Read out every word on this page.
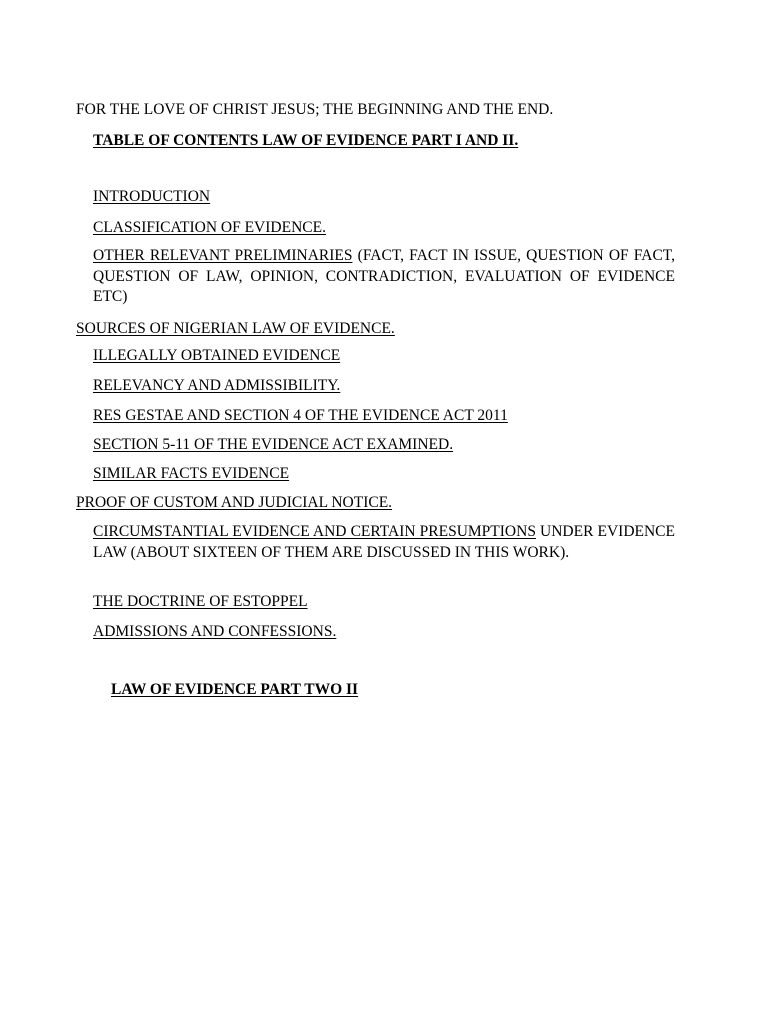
FOR THE LOVE OF CHRIST JESUS; THE BEGINNING AND THE END.
TABLE OF CONTENTS LAW OF EVIDENCE PART I AND II.
INTRODUCTION
CLASSIFICATION OF EVIDENCE.
OTHER RELEVANT PRELIMINARIES (FACT, FACT IN ISSUE, QUESTION OF FACT, QUESTION OF LAW, OPINION, CONTRADICTION, EVALUATION OF EVIDENCE ETC)
SOURCES OF NIGERIAN LAW OF EVIDENCE.
ILLEGALLY OBTAINED EVIDENCE
RELEVANCY AND ADMISSIBILITY.
RES GESTAE AND SECTION 4 OF THE EVIDENCE ACT 2011
SECTION 5-11 OF THE EVIDENCE ACT EXAMINED.
SIMILAR FACTS EVIDENCE
PROOF OF CUSTOM AND JUDICIAL NOTICE.
CIRCUMSTANTIAL EVIDENCE AND CERTAIN PRESUMPTIONS UNDER EVIDENCE LAW (ABOUT SIXTEEN OF THEM ARE DISCUSSED IN THIS WORK).
THE DOCTRINE OF ESTOPPEL
ADMISSIONS AND CONFESSIONS.
LAW OF EVIDENCE PART TWO II
